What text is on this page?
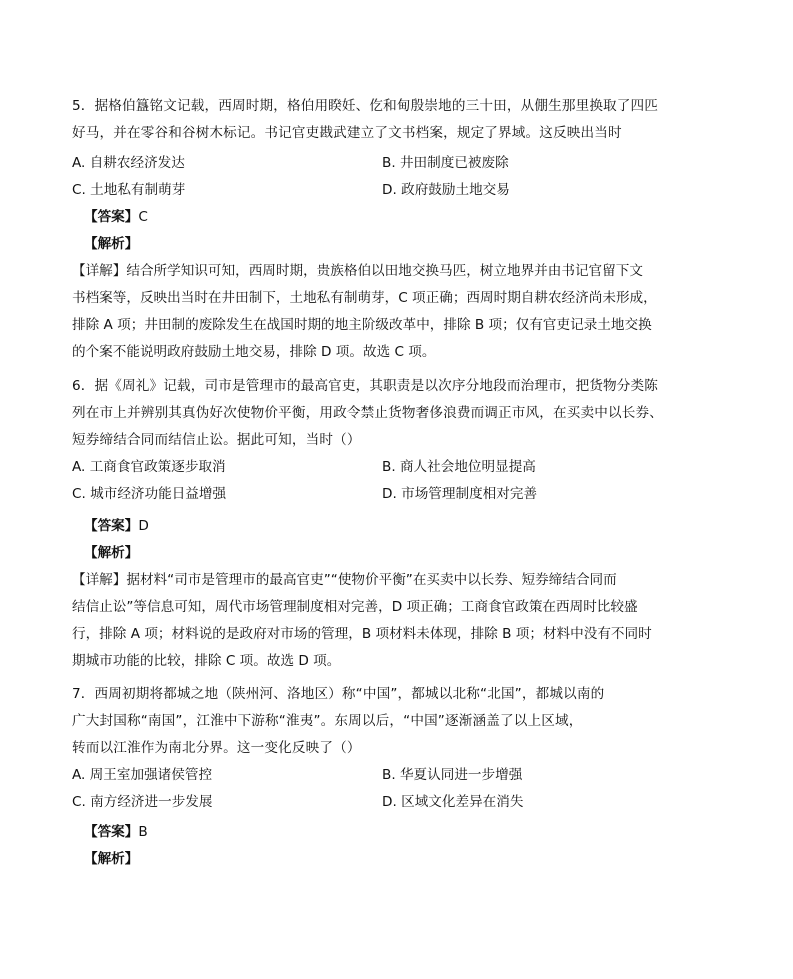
5．据格伯簋铭文记载，西周时期，格伯用睽妊、仡和甸殷崇地的三十田，从倗生那里换取了四匹
好马，并在零谷和谷树木标记。书记官吏戡武建立了文书档案，规定了界域。这反映出当时
A. 自耕农经济发达	B. 井田制度已被废除
C. 土地私有制萌芽	D. 政府鼓励土地交易
【答案】C
【解析】
【详解】结合所学知识可知，西周时期，贵族格伯以田地交换马匹，树立地界并由书记官留下文
书档案等，反映出当时在井田制下，土地私有制萌芽，C 项正确；西周时期自耕农经济尚未形成，
排除 A 项；井田制的废除发生在战国时期的地主阶级改革中，排除 B 项；仅有官吏记录土地交换
的个案不能说明政府鼓励土地交易，排除 D 项。故选 C 项。
6．据《周礼》记载，司市是管理市的最高官吏，其职责是以次序分地段而治理市，把货物分类陈
列在市上并辨别其真伪好次使物价平衡，用政令禁止货物奢侈浪费而调正市风，在买卖中以长券、
短券缔结合同而结信止讼。据此可知，当时（）
A. 工商食官政策逐步取消	B. 商人社会地位明显提高
C. 城市经济功能日益增强	D. 市场管理制度相对完善
【答案】D
【解析】
【详解】据材料“司市是管理市的最高官吏”“使物价平衡”在买卖中以长券、短券缔结合同而
结信止讼”等信息可知，周代市场管理制度相对完善，D 项正确；工商食官政策在西周时比较盛
行，排除 A 项；材料说的是政府对市场的管理，B 项材料未体现，排除 B 项；材料中没有不同时
期城市功能的比较，排除 C 项。故选 D 项。
7．西周初期将都城之地（陕州河、洛地区）称“中国”，都城以北称“北国”，都城以南的
广大封国称“南国”，江淮中下游称“淮夷”。东周以后，“中国”逐渐涵盖了以上区域，
转而以江淮作为南北分界。这一变化反映了（）
A. 周王室加强诸侯管控	B. 华夏认同进一步增强
C. 南方经济进一步发展	D. 区域文化差异在消失
【答案】B
【解析】
